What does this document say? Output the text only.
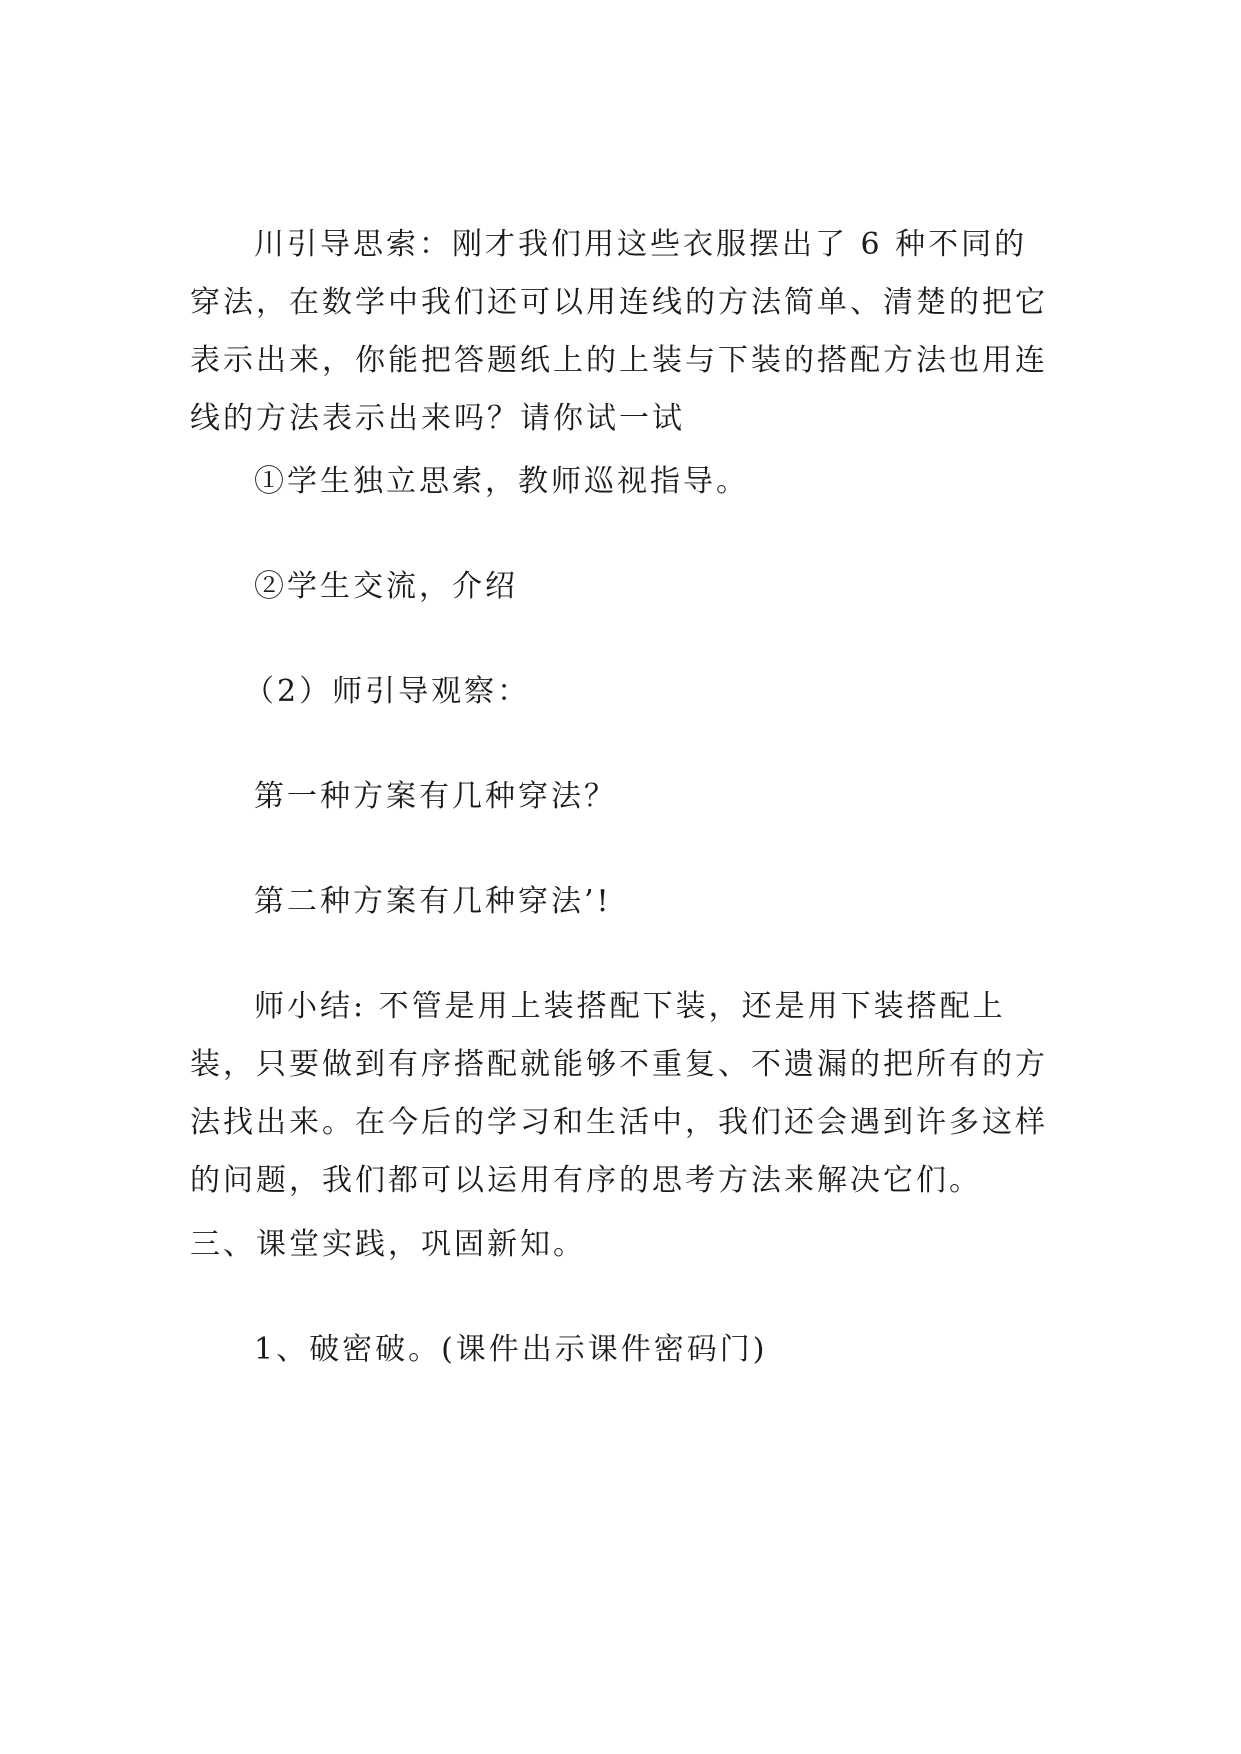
川引导思索：刚才我们用这些衣服摆出了 6 种不同的穿法，在数学中我们还可以用连线的方法简单、清楚的把它表示出来，你能把答题纸上的上装与下装的搭配方法也用连线的方法表示出来吗？请你试一试

①学生独立思索，教师巡视指导。

②学生交流，介绍

（2）师引导观察：

第一种方案有几种穿法？

第二种方案有几种穿法’!

师小结: 不管是用上装搭配下装，还是用下装搭配上装，只要做到有序搭配就能够不重复、不遗漏的把所有的方法找出来。在今后的学习和生活中，我们还会遇到许多这样的问题，我们都可以运用有序的思考方法来解决它们。

三、课堂实践，巩固新知。

1、破密破。(课件出示课件密码门)
